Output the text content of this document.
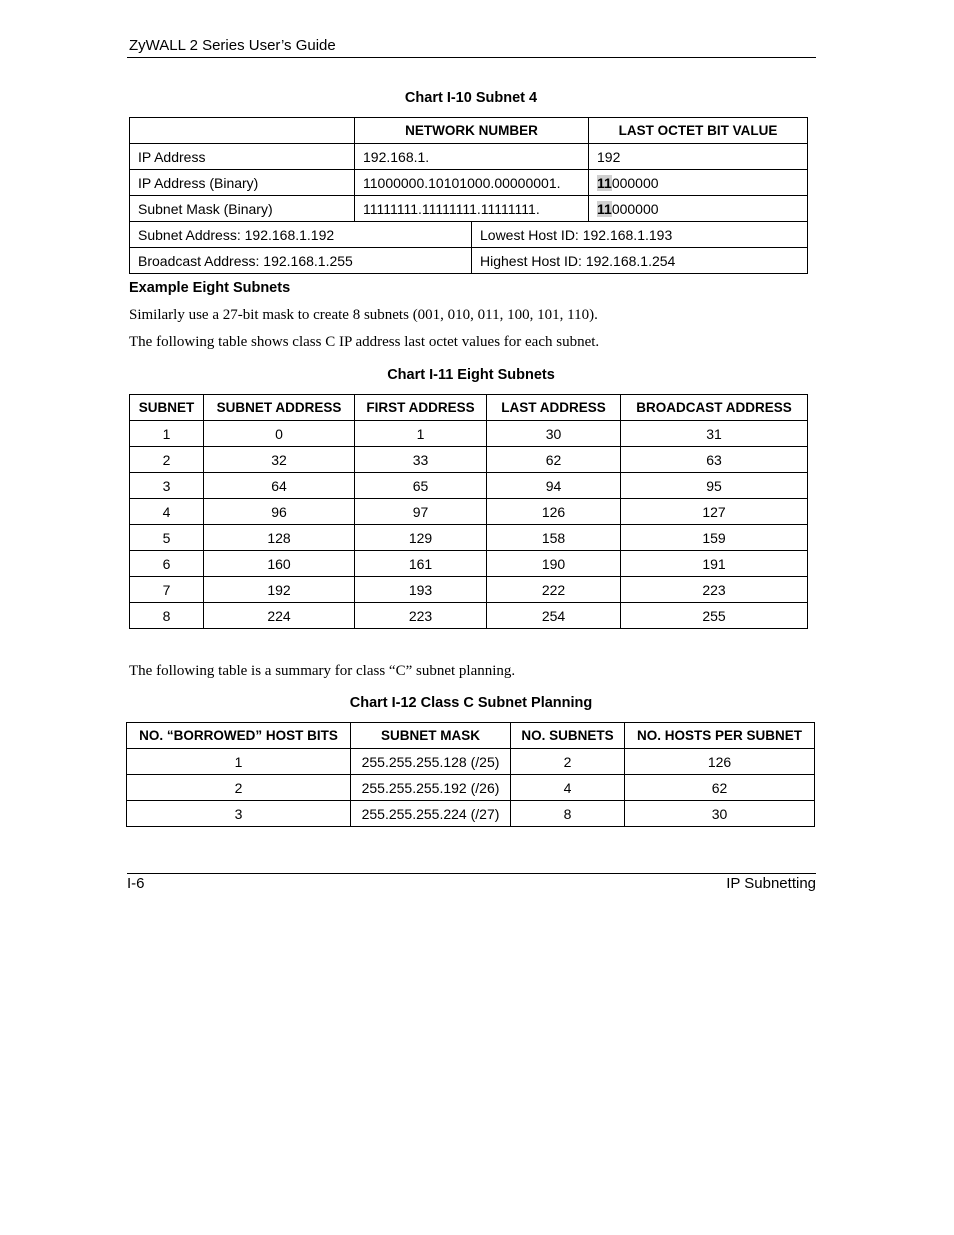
ZyWALL 2 Series User’s Guide
Chart I-10 Subnet 4
	NETWORK NUMBER		LAST OCTET BIT VALUE
IP Address	192.168.1.		192
IP Address (Binary)	11000000.10101000.00000001.		11000000
Subnet Mask (Binary)	11111111.11111111.11111111.		11000000
Subnet Address: 192.168.1.192		Lowest Host ID: 192.168.1.193	
Broadcast Address: 192.168.1.255		Highest Host ID: 192.168.1.254	
Example Eight Subnets
Similarly use a 27-bit mask to create 8 subnets (001, 010, 011, 100, 101, 110).
The following table shows class C IP address last octet values for each subnet.
Chart I-11 Eight Subnets
SUBNET	SUBNET ADDRESS	FIRST ADDRESS	LAST ADDRESS	BROADCAST ADDRESS
1	0	1	30	31
2	32	33	62	63
3	64	65	94	95
4	96	97	126	127
5	128	129	158	159
6	160	161	190	191
7	192	193	222	223
8	224	223	254	255
The following table is a summary for class “C” subnet planning.
Chart I-12 Class C Subnet Planning
NO. “BORROWED” HOST BITS	SUBNET MASK	NO. SUBNETS	NO. HOSTS PER SUBNET
1	255.255.255.128 (/25)	2	126
2	255.255.255.192 (/26)	4	62
3	255.255.255.224 (/27)	8	30
I-6	IP Subnetting
